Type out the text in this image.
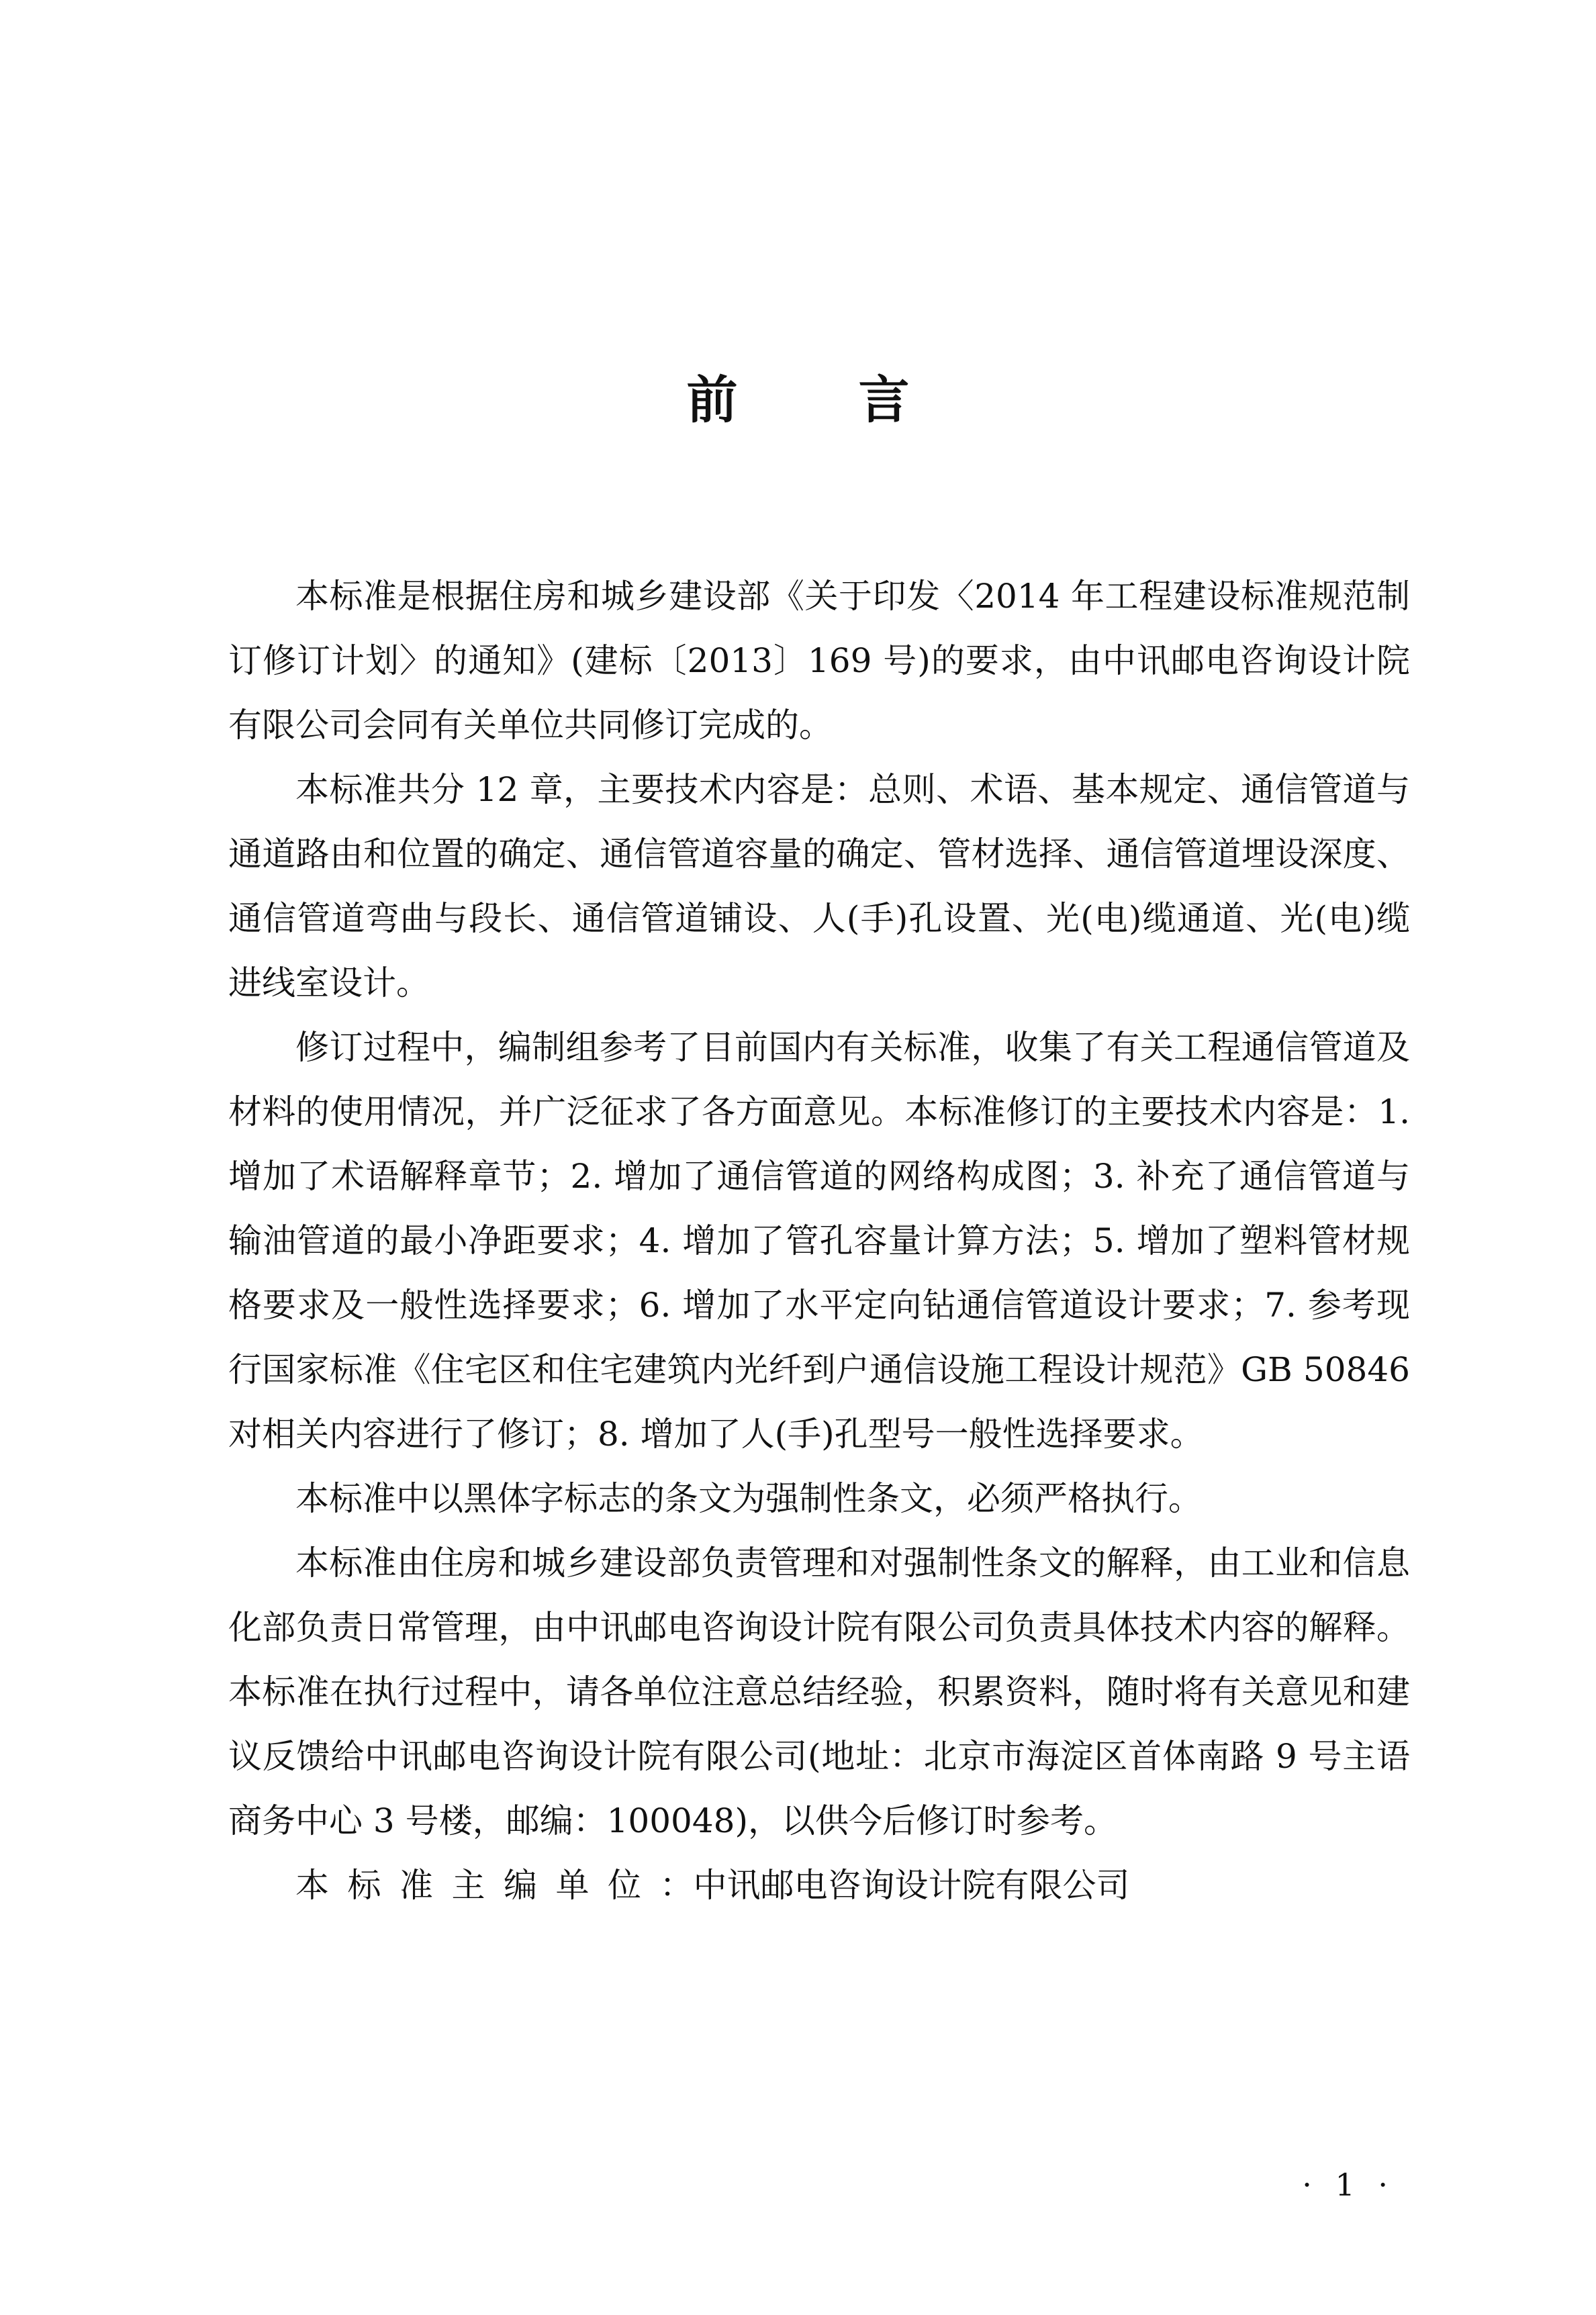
前言

本标准是根据住房和城乡建设部《关于印发〈2014 年工程建设标准规范制订修订计划〉的通知》(建标〔2013〕169 号)的要求，由中讯邮电咨询设计院有限公司会同有关单位共同修订完成的。

本标准共分 12 章，主要技术内容是：总则、术语、基本规定、通信管道与通道路由和位置的确定、通信管道容量的确定、管材选择、通信管道埋设深度、通信管道弯曲与段长、通信管道铺设、人(手)孔设置、光(电)缆通道、光(电)缆进线室设计。

修订过程中，编制组参考了目前国内有关标准，收集了有关工程通信管道及材料的使用情况，并广泛征求了各方面意见。本标准修订的主要技术内容是：1. 增加了术语解释章节；2. 增加了通信管道的网络构成图；3. 补充了通信管道与输油管道的最小净距要求；4. 增加了管孔容量计算方法；5. 增加了塑料管材规格要求及一般性选择要求；6. 增加了水平定向钻通信管道设计要求；7. 参考现行国家标准《住宅区和住宅建筑内光纤到户通信设施工程设计规范》GB 50846 对相关内容进行了修订；8. 增加了人(手)孔型号一般性选择要求。

本标准中以黑体字标志的条文为强制性条文，必须严格执行。

本标准由住房和城乡建设部负责管理和对强制性条文的解释，由工业和信息化部负责日常管理，由中讯邮电咨询设计院有限公司负责具体技术内容的解释。本标准在执行过程中，请各单位注意总结经验，积累资料，随时将有关意见和建议反馈给中讯邮电咨询设计院有限公司(地址：北京市海淀区首体南路 9 号主语商务中心 3 号楼，邮编：100048)，以供今后修订时参考。

本标准主编单位：中讯邮电咨询设计院有限公司

· 1 ·
